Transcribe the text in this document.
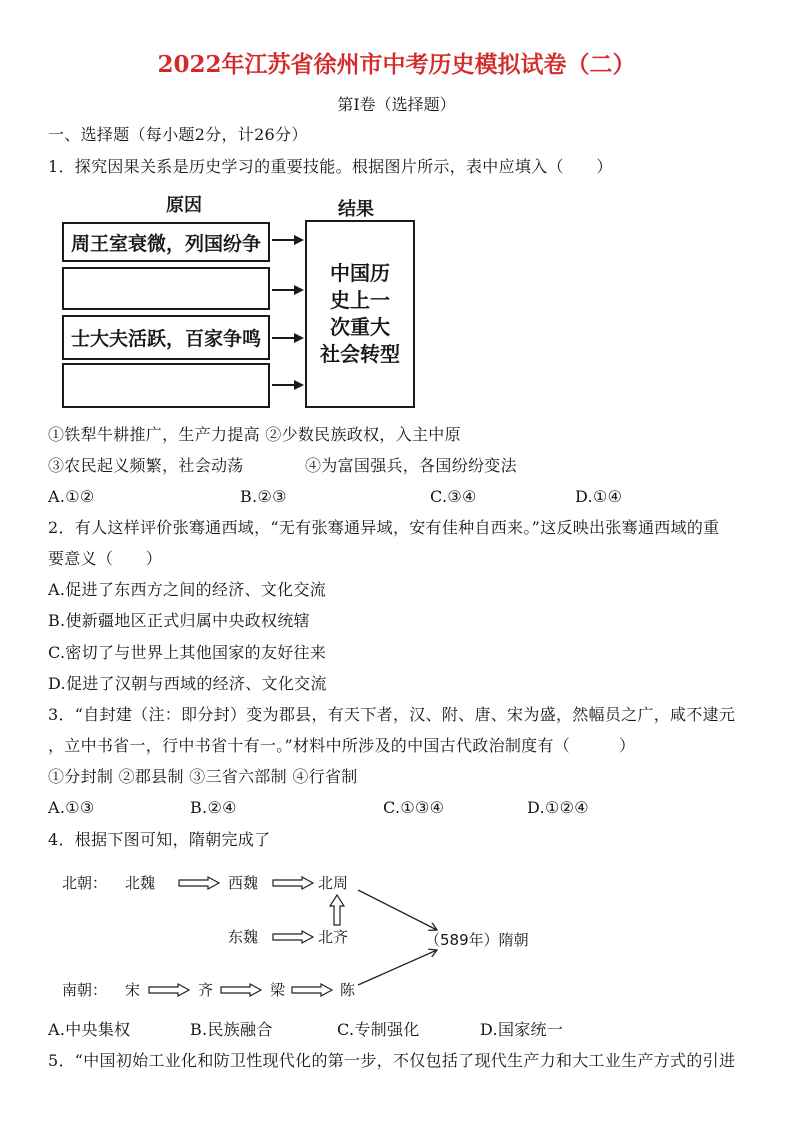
2022年江苏省徐州市中考历史模拟试卷（二）
第I卷（选择题）
一、选择题（每小题2分，计26分）
1．探究因果关系是历史学习的重要技能。根据图片所示，表中应填入（　　）
原因	结果
周王室衰微，列国纷争
士大夫活跃，百家争鸣
中国历
史上一
次重大
社会转型
①铁犁牛耕推广，生产力提高 ②少数民族政权，入主中原
③农民起义频繁，社会动荡	④为富国强兵，各国纷纷变法
A.①②	B.②③	C.③④	D.①④
2．有人这样评价张骞通西域，“无有张骞通异域，安有佳种自西来。”这反映出张骞通西域的重
要意义（　　）
A.促进了东西方之间的经济、文化交流
B.使新疆地区正式归属中央政权统辖
C.密切了与世界上其他国家的友好往来
D.促进了汉朝与西域的经济、文化交流
3．“自封建（注：即分封）变为郡县，有天下者，汉、附、唐、宋为盛，然幅员之广，咸不逮元
，立中书省一，行中书省十有一。”材料中所涉及的中国古代政治制度有（　　　）
①分封制 ②郡县制 ③三省六部制 ④行省制
A.①③	B.②④	C.①③④	D.①②④
4．根据下图可知，隋朝完成了
北朝： 北魏	西魏	北周
东魏	北齐	（589年）隋朝
南朝： 宋	齐	梁	陈
A.中央集权	B.民族融合	C.专制强化	D.国家统一
5．“中国初始工业化和防卫性现代化的第一步，不仅包括了现代生产力和大工业生产方式的引进
